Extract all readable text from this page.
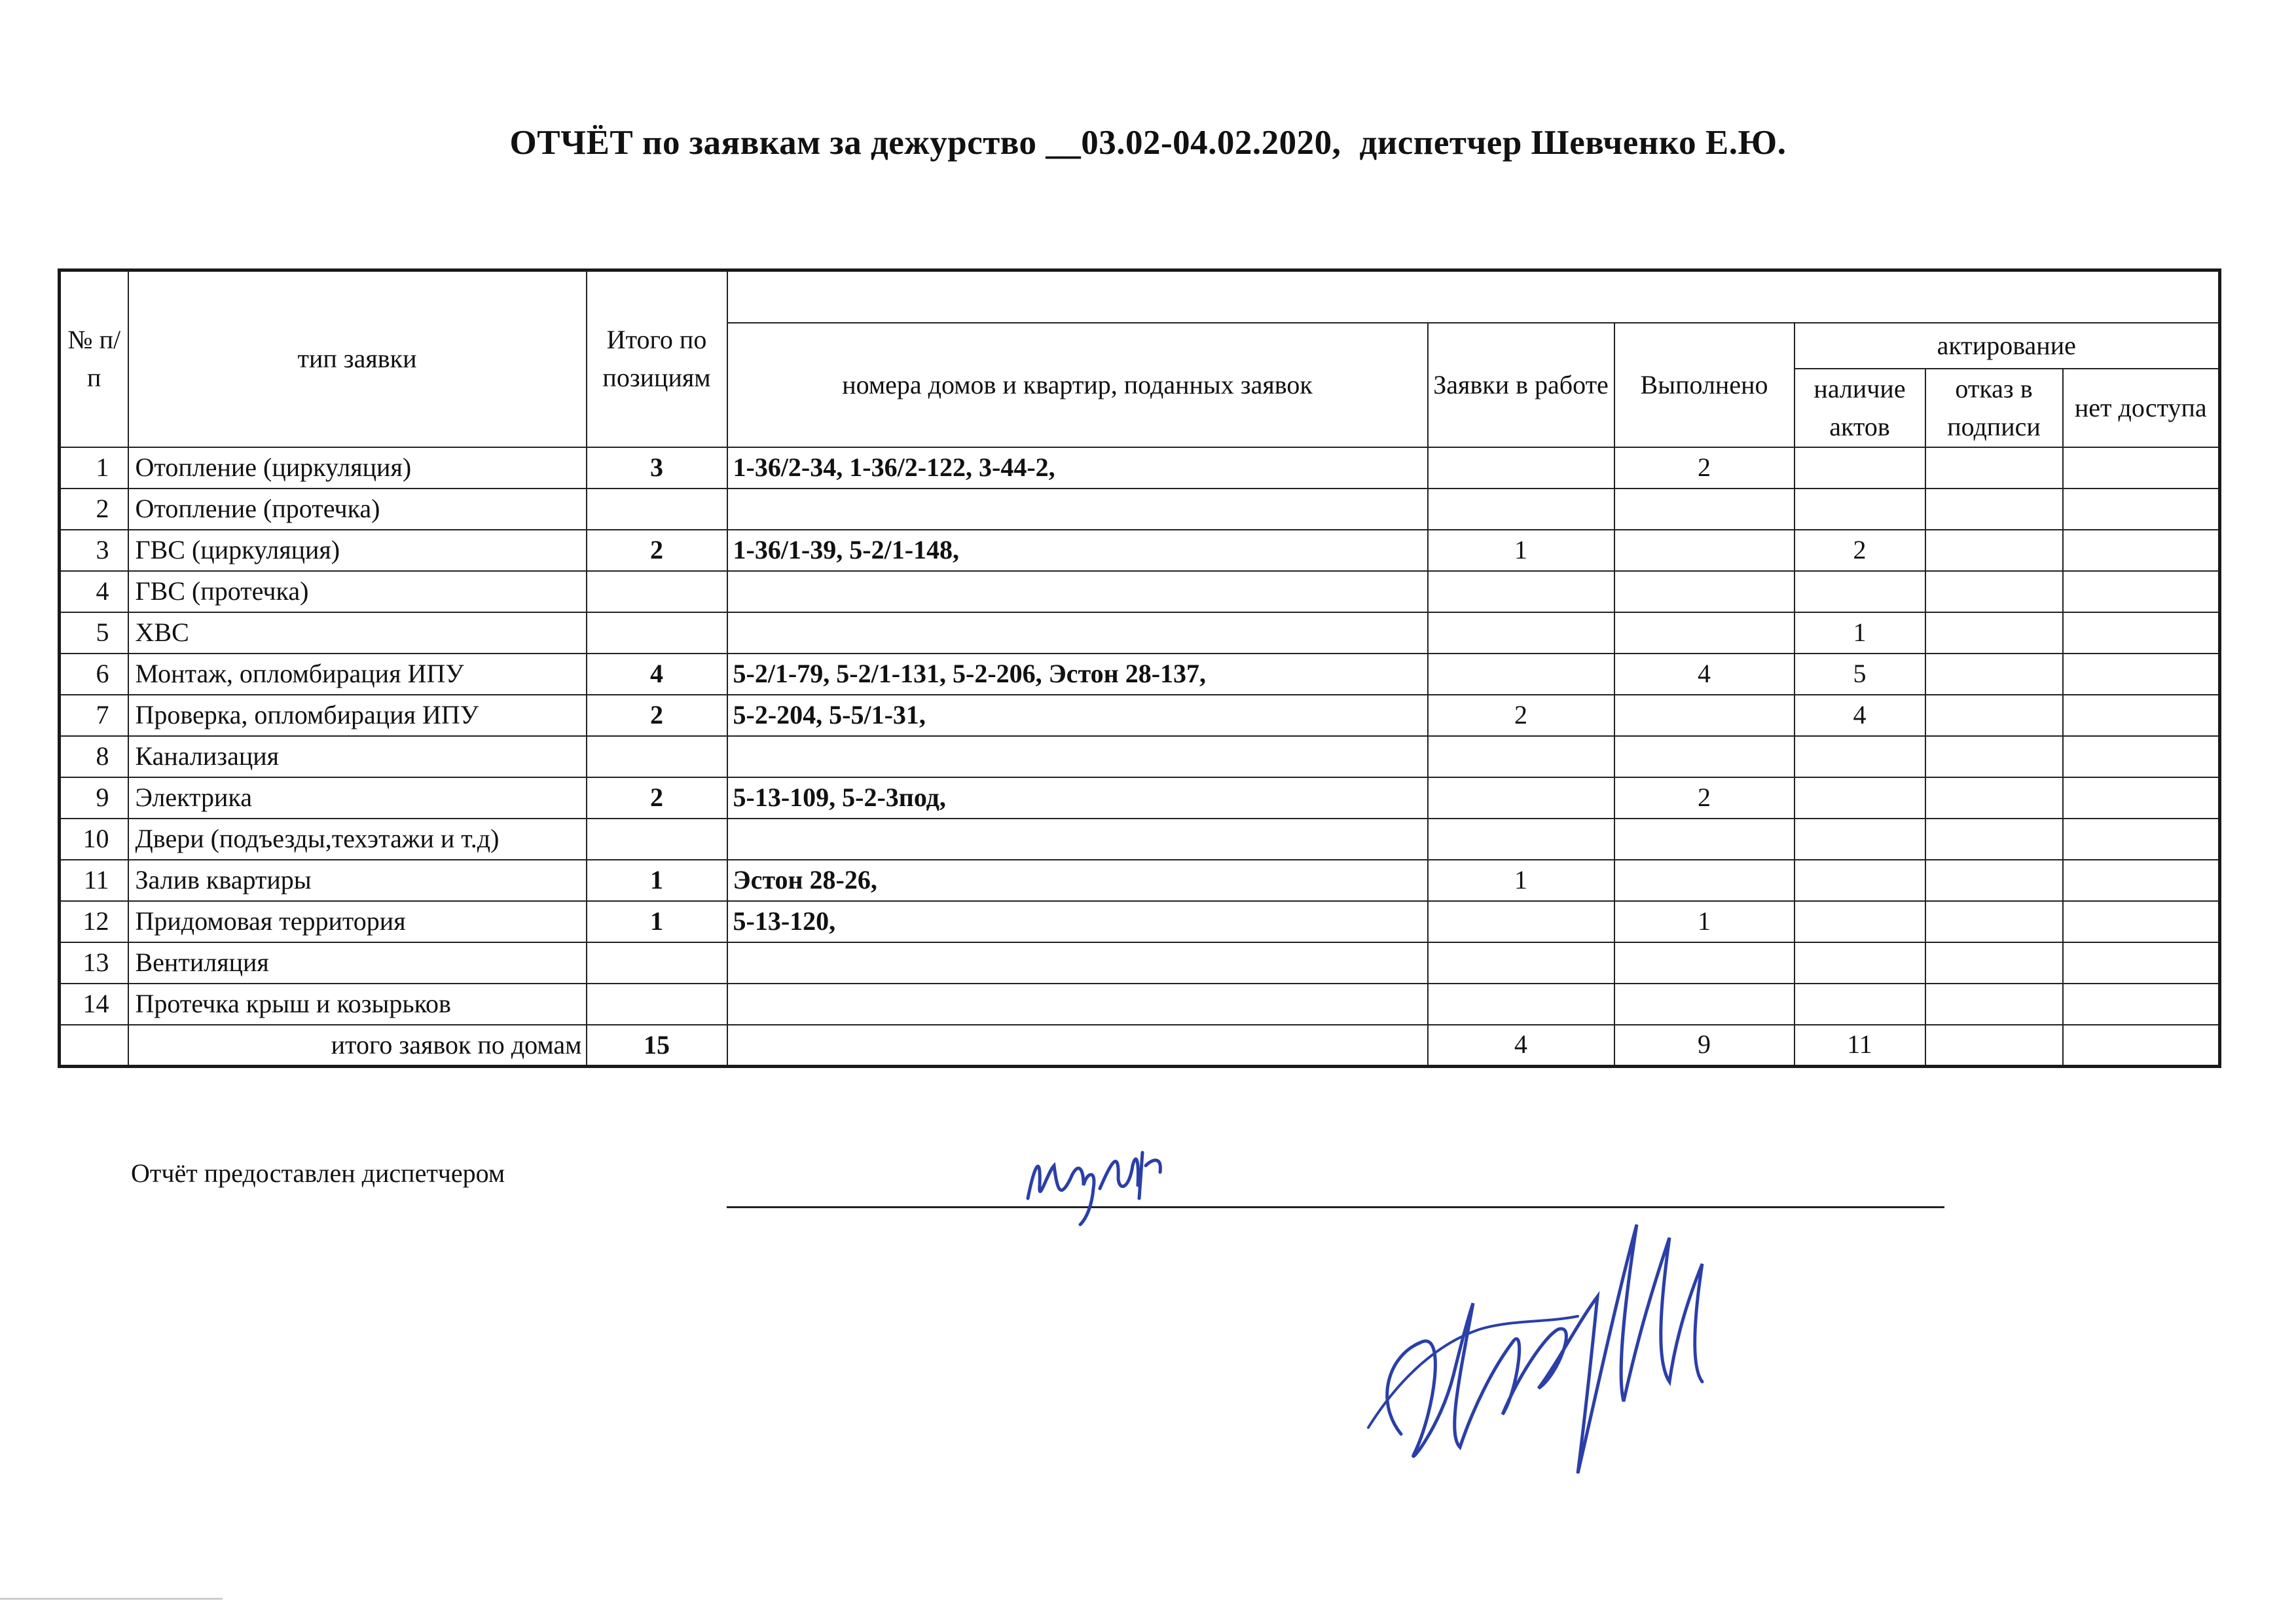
ОТЧЁТ по заявкам за дежурство __03.02-04.02.2020, диспетчер Шевченко Е.Ю.
№ п/п	тип заявки	Итого по позициям						
			номера домов и квартир, поданных заявок	Заявки в работе	Выполнено	актирование		
						наличие актов	отказ в подписи	нет доступа
1	Отопление (циркуляция)	3	1-36/2-34, 1-36/2-122, 3-44-2,		2			
2	Отопление (протечка)							
3	ГВС (циркуляция)	2	1-36/1-39, 5-2/1-148,	1		2		
4	ГВС (протечка)							
5	ХВС					1		
6	Монтаж, опломбирация ИПУ	4	5-2/1-79, 5-2/1-131, 5-2-206, Эстон 28-137,		4	5		
7	Проверка, опломбирация ИПУ	2	5-2-204, 5-5/1-31,	2		4		
8	Канализация							
9	Электрика	2	5-13-109, 5-2-3под,		2			
10	Двери (подъезды,техэтажи и т.д)							
11	Залив квартиры	1	Эстон 28-26,	1				
12	Придомовая территория	1	5-13-120,		1			
13	Вентиляция							
14	Протечка крыш и козырьков							
	итого заявок по домам	15		4	9	11		
Отчёт предоставлен диспетчером
